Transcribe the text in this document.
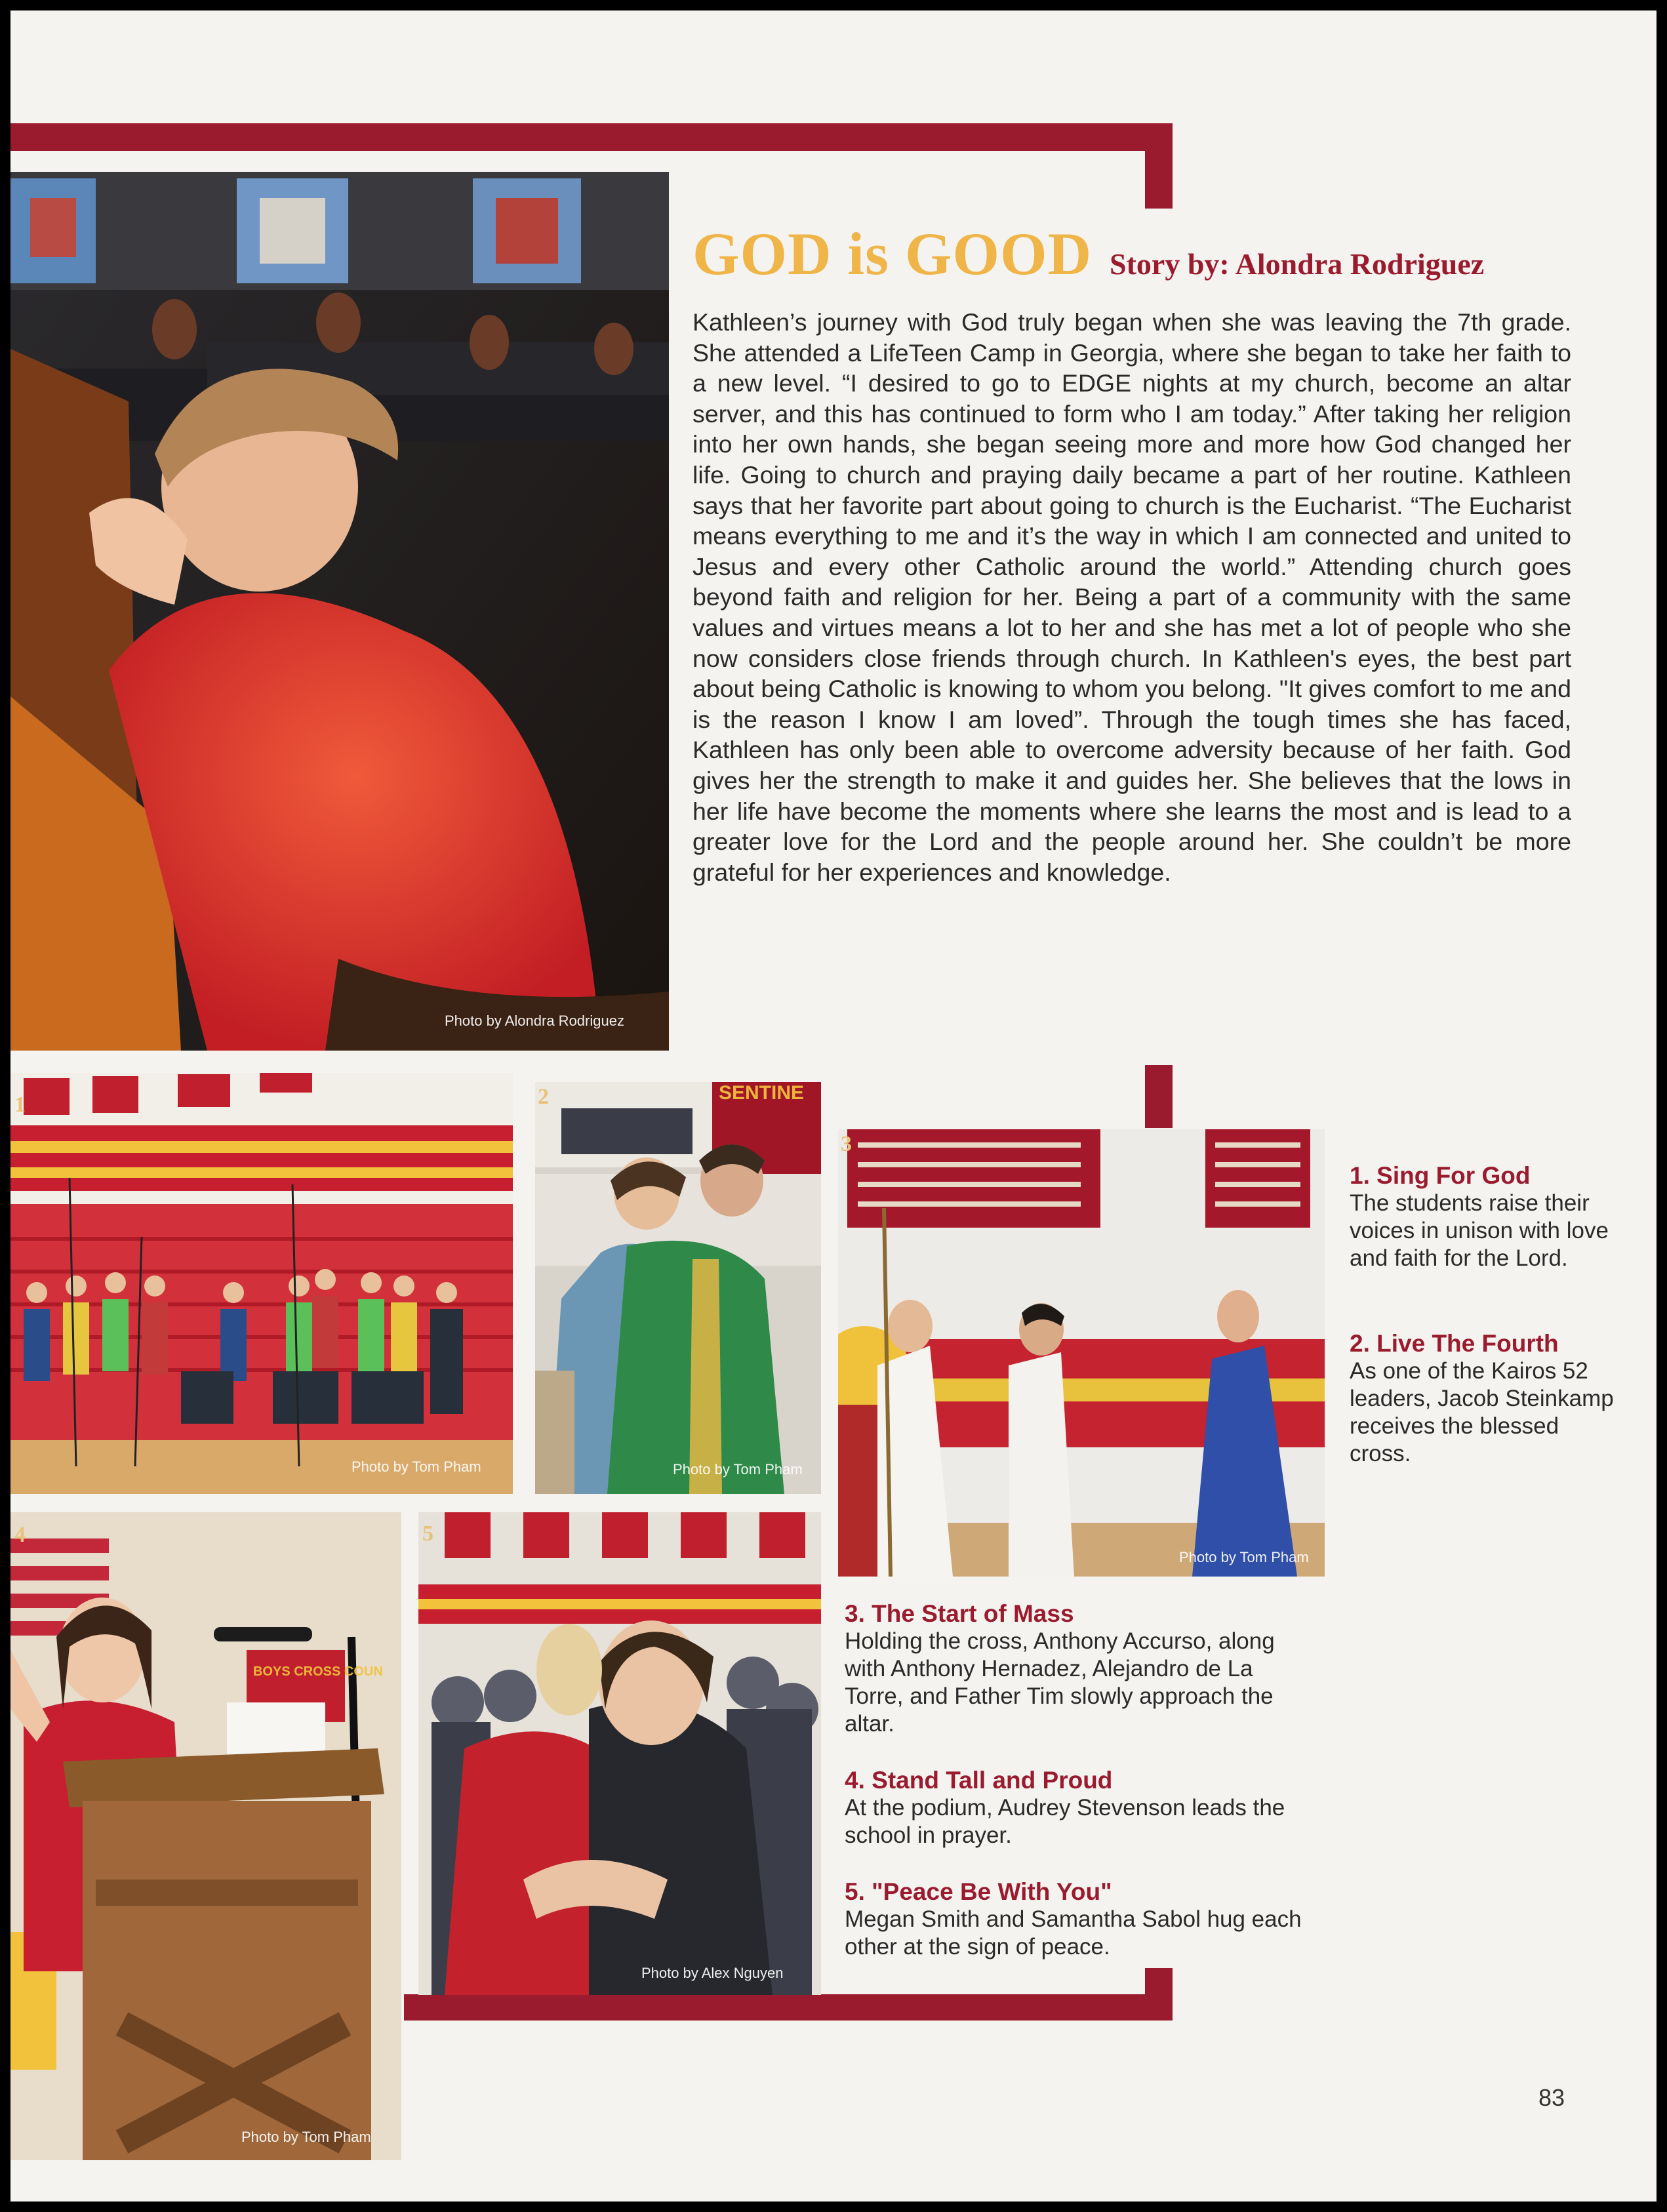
Photo by Alondra Rodriguez
GOD is GOOD Story by: Alondra Rodriguez
Kathleen’s journey with God truly began when she was leaving the 7th grade. She attended a LifeTeen Camp in Georgia, where she began to take her faith to a new level. “I desired to go to EDGE nights at my church, become an altar server, and this has continued to form who I am today.” After taking her religion into her own hands, she began seeing more and more how God changed her life. Going to church and praying daily became a part of her routine. Kathleen says that her favorite part about going to church is the Eucharist. “The Eucharist means everything to me and it’s the way in which I am connected and united to Jesus and every other Catholic around the world.” Attending church goes beyond faith and religion for her. Being a part of a community with the same values and virtues means a lot to her and she has met a lot of people who she now considers close friends through church. In Kathleen's eyes, the best part about being Catholic is knowing to whom you belong. "It gives comfort to me and is the reason I know I am loved”. Through the tough times she has faced, Kathleen has only been able to overcome adversity because of her faith. God gives her the strength to make it and guides her. She believes that the lows in her life have become the moments where she learns the most and is lead to a greater love for the Lord and the people around her. She couldn’t be more grateful for her experiences and knowledge.
1
Photo by Tom Pham
2	SENTINE
Photo by Tom Pham
3
Photo by Tom Pham
4
BOYS CROSS COUN
Photo by Tom Pham
5
Photo by Alex Nguyen
1. Sing For God
The students raise their voices in unison with love and faith for the Lord.
2. Live The Fourth
As one of the Kairos 52 leaders, Jacob Steinkamp receives the blessed cross.
3. The Start of Mass
Holding the cross, Anthony Accurso, along with Anthony Hernadez, Alejandro de La Torre, and Father Tim slowly approach the altar.
4. Stand Tall and Proud
At the podium, Audrey Stevenson leads the school in prayer.
5. "Peace Be With You"
Megan Smith and Samantha Sabol hug each other at the sign of peace.
83
